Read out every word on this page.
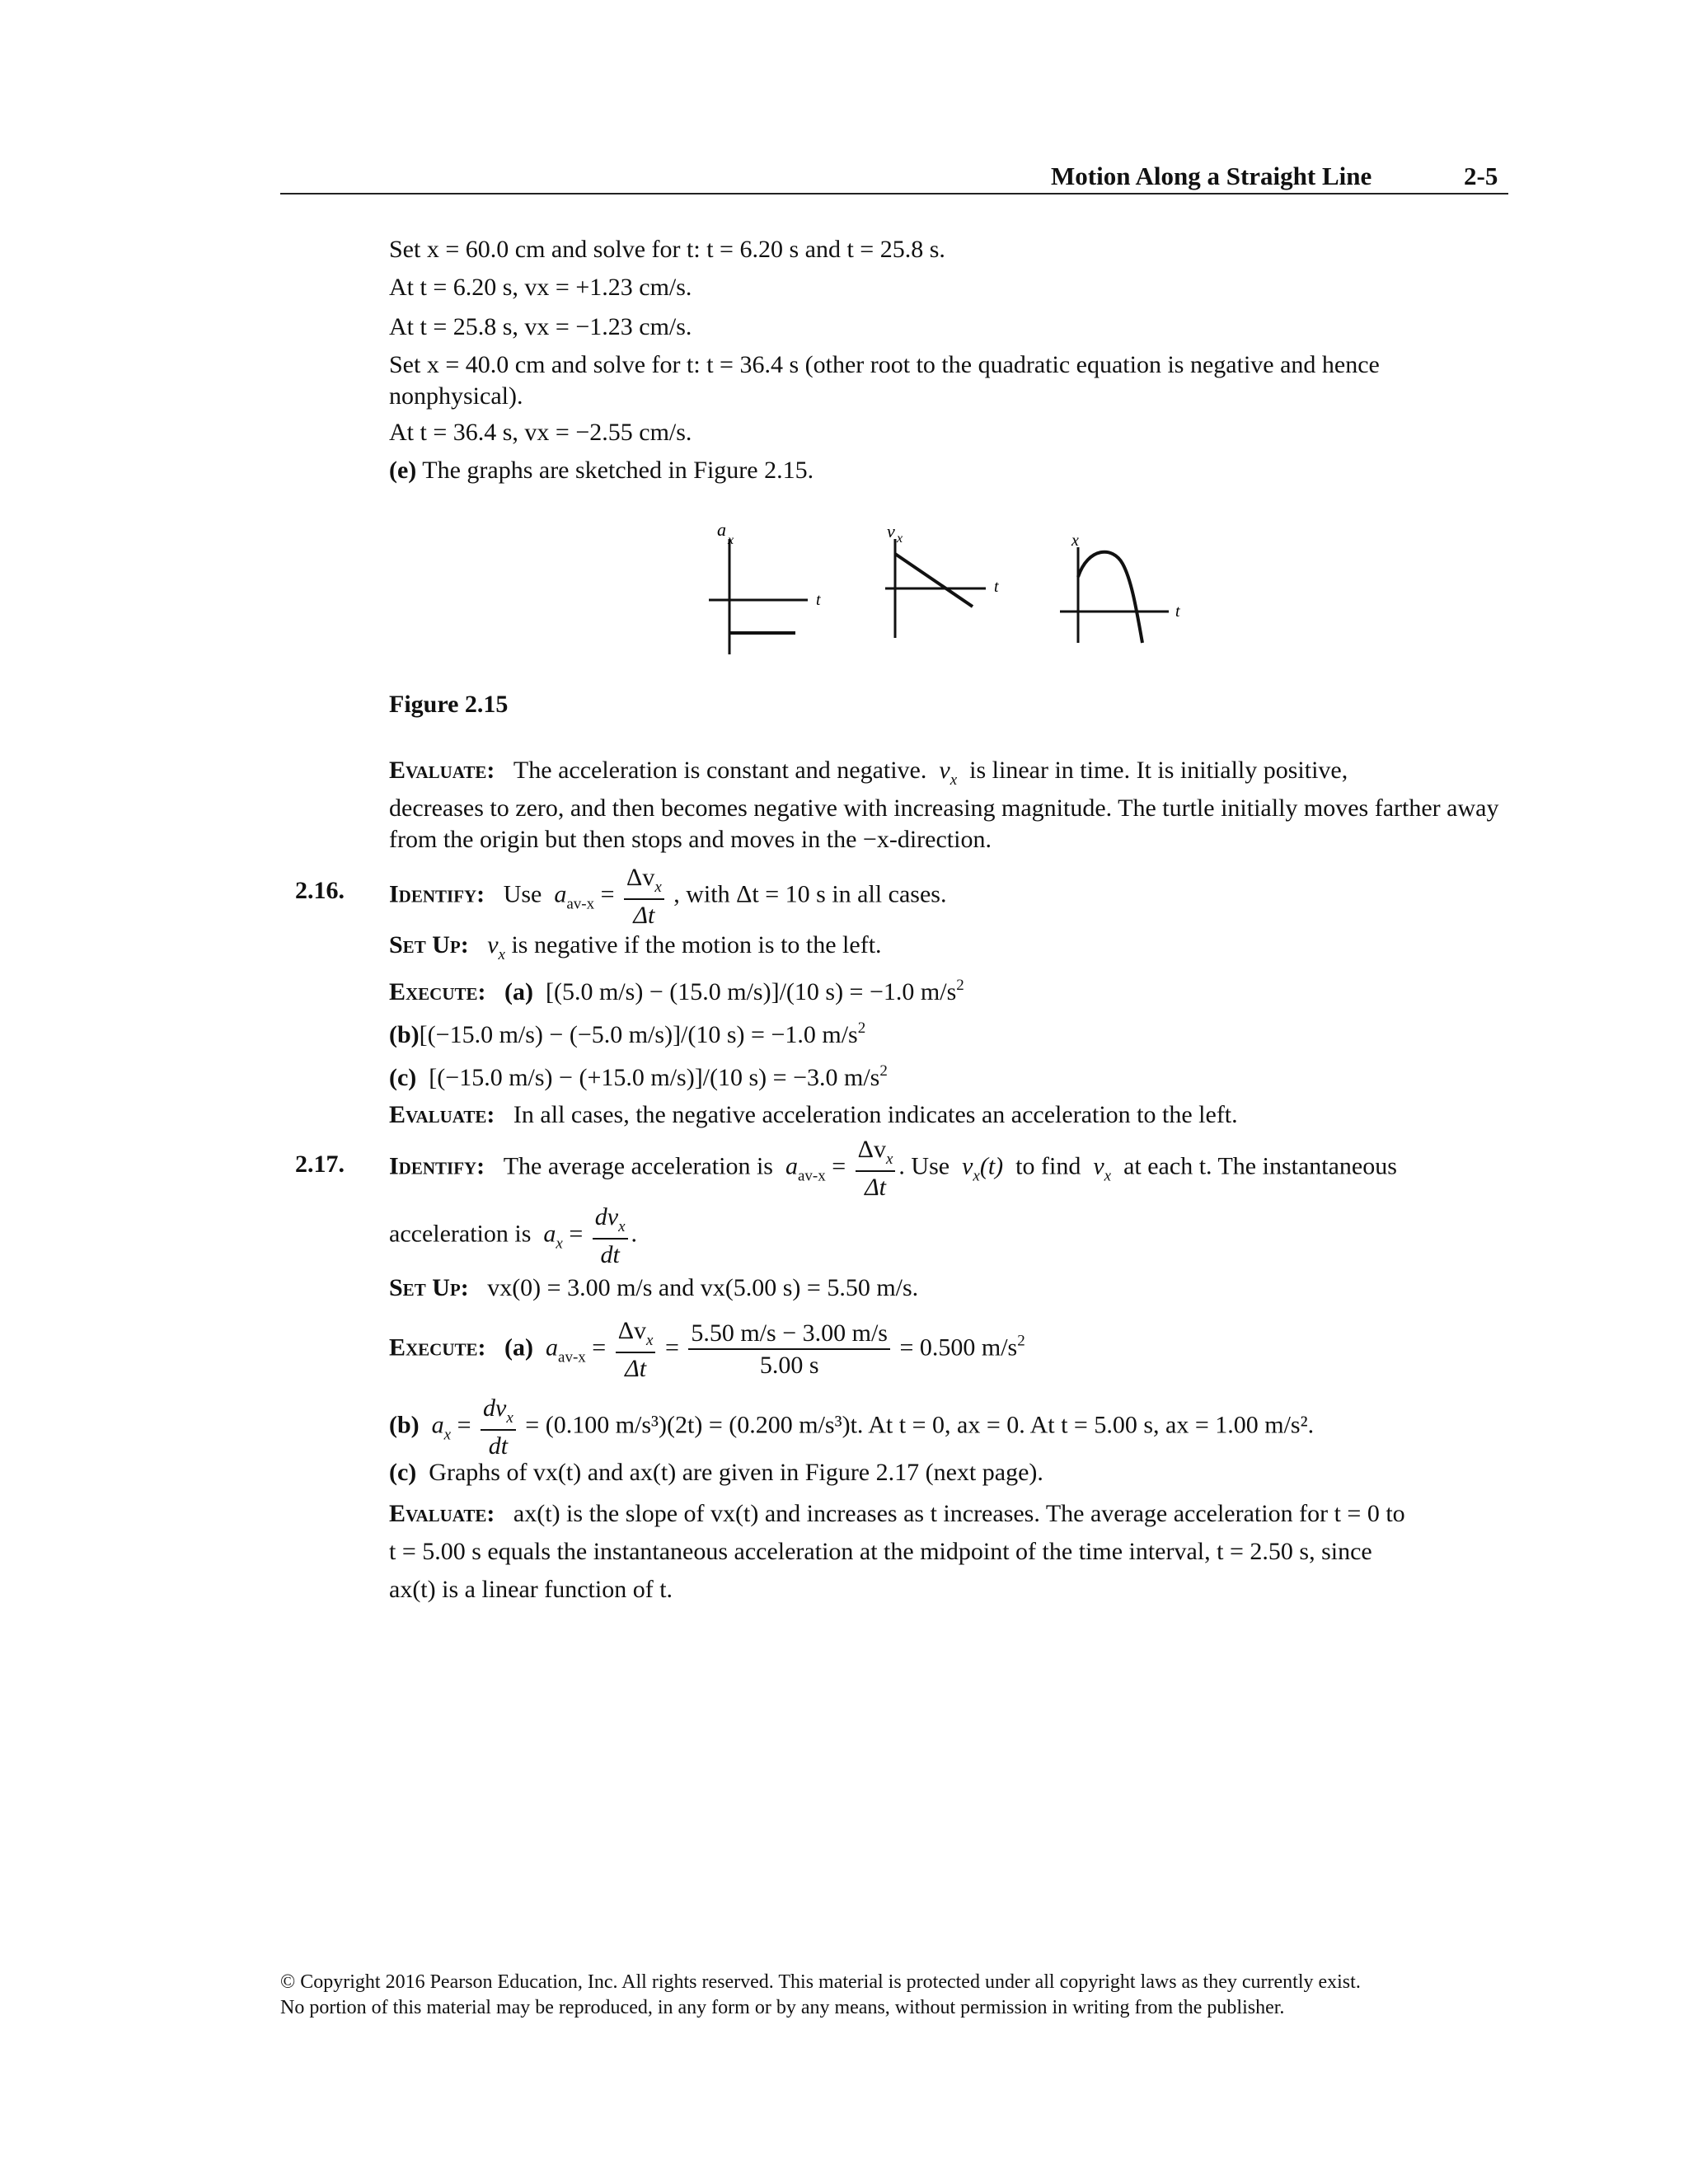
Motion Along a Straight Line	2-5
Set x = 60.0 cm and solve for t: t = 6.20 s and t = 25.8 s.
At t = 6.20 s, vx = +1.23 cm/s.
At t = 25.8 s, vx = −1.23 cm/s.
Set x = 40.0 cm and solve for t: t = 36.4 s (other root to the quadratic equation is negative and hence nonphysical).
At t = 36.4 s, vx = −2.55 cm/s.
(e) The graphs are sketched in Figure 2.15.
a
x
t
v x
t
x
t
Figure 2.15
Evaluate: The acceleration is constant and negative. $v_x$ is linear in time. It is initially positive,
decreases to zero, and then becomes negative with increasing magnitude. The turtle initially moves farther away from the origin but then stops and moves in the −x-direction.
2.16. Identify: Use $a_{av-x} = \frac{\Delta v_x}{\Delta t}$ , with Δt = 10 s in all cases.
Set Up: $v_x$ is negative if the motion is to the left.
Execute: (a) [(5.0 m/s) − (15.0 m/s)]/(10 s) = −1.0 $m/s^2$
(b)[(−15.0 m/s) − (−5.0 m/s)]/(10 s) = −1.0 $m/s^2$
(c) [(−15.0 m/s) − (+15.0 m/s)]/(10 s) = −3.0 $m/s^2$
Evaluate: In all cases, the negative acceleration indicates an acceleration to the left.
2.17. Identify: The average acceleration is $a_{av-x} = \frac{\Delta v_x}{\Delta t}$ . Use $v_x(t)$ to find $v_x$ at each t. The instantaneous
acceleration is $a_x = \frac{dv_x}{dt}$ .
Set Up: vx(0) = 3.00 m/s and vx(5.00 s) = 5.50 m/s.
Execute: (a) $a_{av-x} = \frac{\Delta v_x}{\Delta t} = \frac{5.50 m/s - 3.00 m/s}{5.00 s} = 0.500$ $m/s^2$
(b) $a_x = \frac{dv_x}{dt} = (0.100$ m/s³)(2t) = (0.200 m/s³)t. At t = 0, ax = 0. At t = 5.00 s, ax = 1.00 m/s².
(c) Graphs of vx(t) and ax(t) are given in Figure 2.17 (next page).
Evaluate: ax(t) is the slope of vx(t) and increases as t increases. The average acceleration for t = 0 to
t = 5.00 s equals the instantaneous acceleration at the midpoint of the time interval, t = 2.50 s, since
ax(t) is a linear function of t.
© Copyright 2016 Pearson Education, Inc. All rights reserved. This material is protected under all copyright laws as they currently exist.
No portion of this material may be reproduced, in any form or by any means, without permission in writing from the publisher.
